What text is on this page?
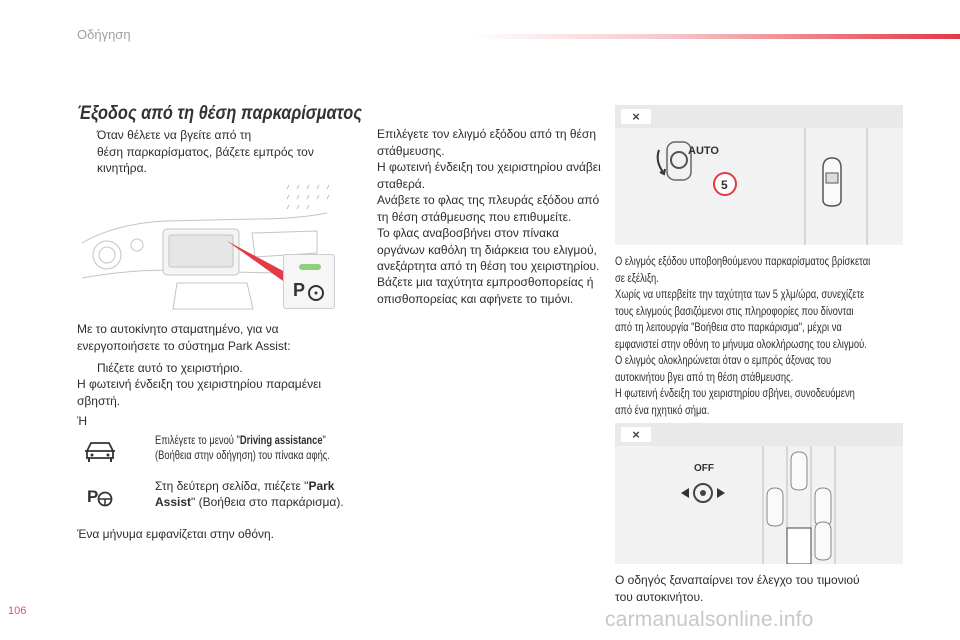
Οδήγηση
Έξοδος από τη θέση παρκαρίσματος
Όταν θέλετε να βγείτε από τη
θέση παρκαρίσματος, βάζετε εμπρός τον
κινητήρα.
P
Με το αυτοκίνητο σταματημένο, για να
ενεργοποιήσετε το σύστημα Park Assist:
Πιέζετε αυτό το χειριστήριο.
Η φωτεινή ένδειξη του χειριστηρίου παραμένει
σβηστή.
Ή
Επιλέγετε το μενού "Driving assistance"
(Βοήθεια στην οδήγηση) του πίνακα αφής.
P
Στη δεύτερη σελίδα, πιέζετε "Park
Assist" (Βοήθεια στο παρκάρισμα).
Ένα μήνυμα εμφανίζεται στην οθόνη.
Επιλέγετε τον ελιγμό εξόδου από τη θέση
στάθμευσης.
Η φωτεινή ένδειξη του χειριστηρίου ανάβει
σταθερά.
Ανάβετε το φλας της πλευράς εξόδου από
τη θέση στάθμευσης που επιθυμείτε.
Το φλας αναβοσβήνει στον πίνακα
οργάνων καθόλη τη διάρκεια του ελιγμού,
ανεξάρτητα από τη θέση του χειριστηρίου.
Βάζετε μια ταχύτητα εμπροσθοπορείας ή
οπισθοπορείας και αφήνετε το τιμόνι.
×
AUTO
5
Ο ελιγμός εξόδου υποβοηθούμενου παρκαρίσματος βρίσκεται
σε εξέλιξη.
Χωρίς να υπερβείτε την ταχύτητα των 5 χλμ/ώρα, συνεχίζετε
τους ελιγμούς βασιζόμενοι στις πληροφορίες που δίνονται
από τη λειτουργία "Βοήθεια στο παρκάρισμα", μέχρι να
εμφανιστεί στην οθόνη το μήνυμα ολοκλήρωσης του ελιγμού.
Ο ελιγμός ολοκληρώνεται όταν ο εμπρός άξονας του
αυτοκινήτου βγει από τη θέση στάθμευσης.
Η φωτεινή ένδειξη του χειριστηρίου σβήνει, συνοδευόμενη
από ένα ηχητικό σήμα.
×
OFF
Ο οδηγός ξαναπαίρνει τον έλεγχο του τιμονιού
του αυτοκινήτου.
106	carmanualsonline.info
